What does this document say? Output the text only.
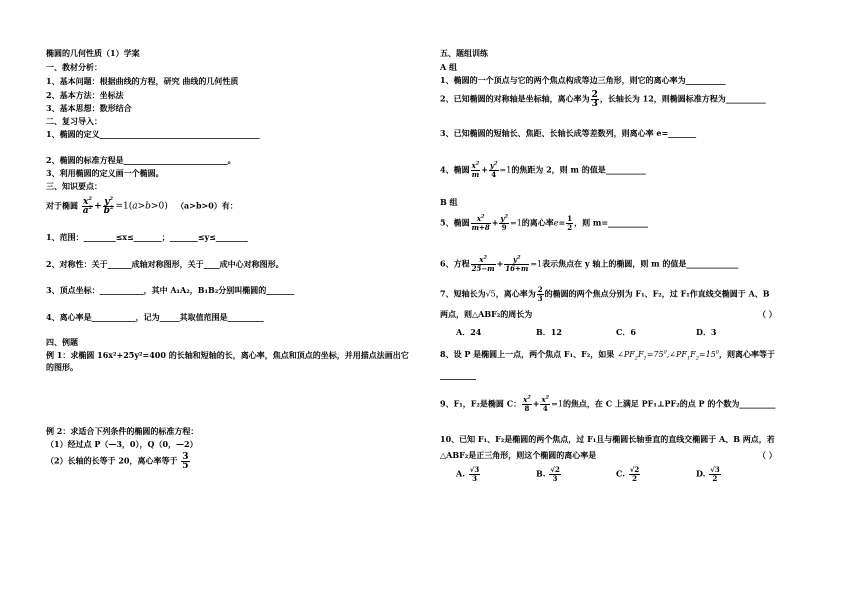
椭圆的几何性质（1）学案
一、教材分析：
1、基本问题：根据曲线的方程，研究 曲线的几何性质
2、基本方法：坐标法
3、基本思想：数形结合
二、复习导入：
1、椭圆的定义________________________________________
2、椭圆的标准方程是__________________________。
3、利用椭圆的定义画一个椭圆。
三、知识要点：
对于椭圆 $\frac{x^2}{a^2} + \frac{y^2}{b^2} =1(a>b>0)$ （a>b>0）有：
1、范围：________≤x≤_______；_______≤y≤________
2、对称性：关于______成轴对称图形，关于____成中心对称图形。
3、顶点坐标：___________，其中 A₁A₂，B₁B₂分别叫椭圆的_______
4、离心率是___________，记为_____其取值范围是_________
四、例题
例 1：求椭圆 16x²+25y²=400 的长轴和短轴的长，离心率，焦点和顶点的坐标，并用描点法画出它
的图形。
例 2：求适合下列条件的椭圆的标准方程：
（1）经过点 P（—3，0），Q（0，—2）
（2）长轴的长等于 20，离心率等于 $\frac{3}{5}$
五、题组训练
A 组
1、椭圆的一个顶点与它的两个焦点构成等边三角形，则它的离心率为__________
2、已知椭圆的对称轴是坐标轴，离心率为 $\frac{2}{3}$ ，长轴长为 12，则椭圆标准方程为__________
3、已知椭圆的短轴长、焦距、长轴长成等差数列，则离心率 e=_______
4、椭圆 $\frac{x^2}{m} + \frac{y^2}{4} =1$的焦距为 2，则 m 的值是__________
B 组
5、椭圆 $\frac{x^2}{m+8} + \frac{y^2}{9} =1$的离心率$e= \frac{1}{2}$ ，则 m=__________
6、方程 $\frac{x^2}{25-m} + \frac{y^2}{16+m} =1$表示焦点在 y 轴上的椭圆，则 m 的值是_____________
7、短轴长为√5，离心率为 $\frac{2}{3}$ 的椭圆的两个焦点分别为 F₁、F₂，过 F₁作直线交椭圆于 A、B
两点，则△ABF₂的周长为	（ ）
A．24	B．12	C．6	D．3
8、设 P 是椭圆上一点，两个焦点 F₁、F₂，如果 $\angle PF_2F_1=75^0,\angle PF_1F_2=15^0$，则离心率等于
_________
9、F₁，F₂是椭圆 C： $\frac{x^2}{8} + \frac{x^2}{4} =1$的焦点，在 C 上满足 PF₁⊥PF₂的点 P 的个数为_________
10、已知 F₁、F₂是椭圆的两个焦点，过 F₁且与椭圆长轴垂直的直线交椭圆于 A、B 两点，若
△ABF₂是正三角形，则这个椭圆的离心率是	（ ）
A. $\frac{√3}{3}$	B. $\frac{√2}{3}$	C. $\frac{√2}{2}$	D. $\frac{√3}{2}$
